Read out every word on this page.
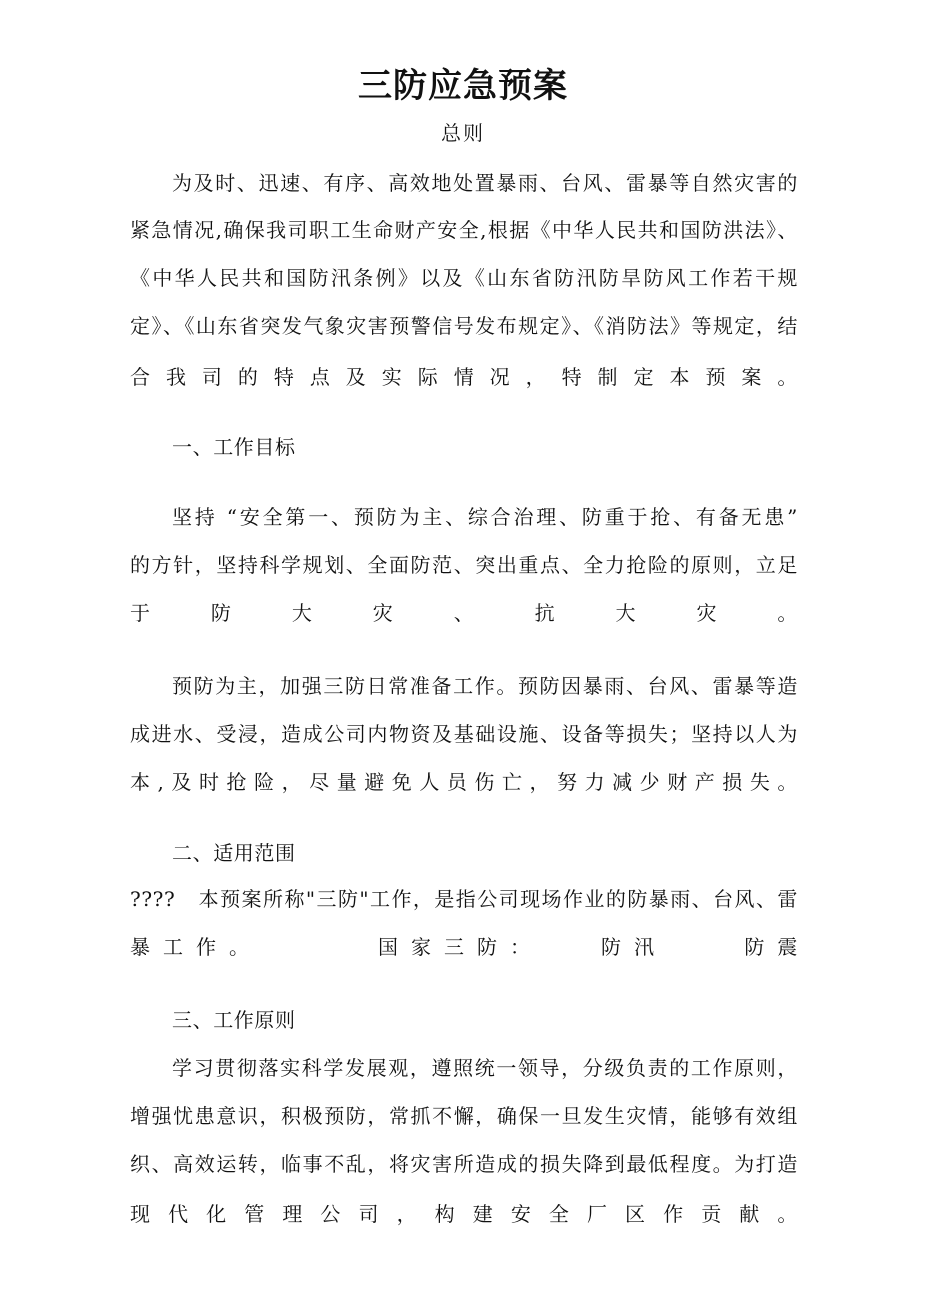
三防应急预案
总则
为及时、迅速、有序、高效地处置暴雨、台风、雷暴等自然灾害的
紧急情况,确保我司职工生命财产安全,根据《中华人民共和国防洪法》、
《中华人民共和国防汛条例》以及《山东省防汛防旱防风工作若干规
定》、《山东省突发气象灾害预警信号发布规定》、《消防法》等规定，结
合我司的特点及实际情况，特制定本预案。
一、工作目标
坚持 “安全第一、预防为主、综合治理、防重于抢、有备无患”
的方针，坚持科学规划、全面防范、突出重点、全力抢险的原则，立足
于防大灾、抗大灾。
预防为主，加强三防日常准备工作。预防因暴雨、台风、雷暴等造
成进水、受浸，造成公司内物资及基础设施、设备等损失；坚持以人为
本,及时抢险，尽量避免人员伤亡，努力减少财产损失。
二、适用范围
????   本预案所称"三防"工作，是指公司现场作业的防暴雨、台风、雷
暴工作。      国家三防：   防汛    防震
三、工作原则
学习贯彻落实科学发展观，遵照统一领导，分级负责的工作原则，
增强忧患意识，积极预防，常抓不懈，确保一旦发生灾情，能够有效组
织、高效运转，临事不乱，将灾害所造成的损失降到最低程度。为打造
现代化管理公司，构建安全厂区作贡献。
